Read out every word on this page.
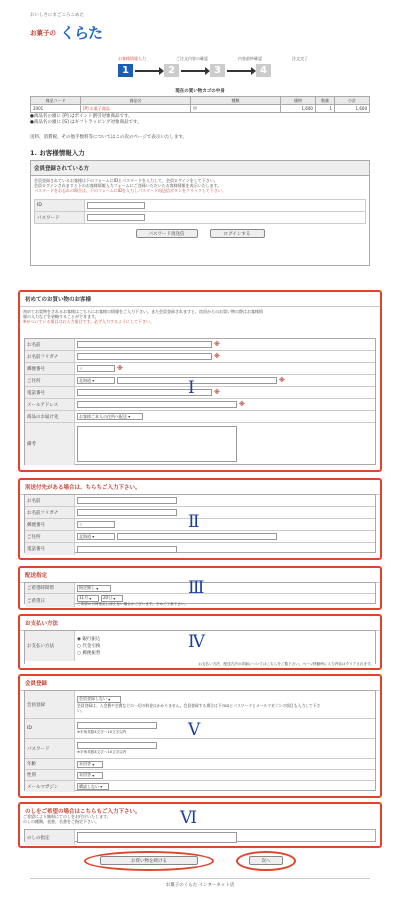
おいしさにまごころこめた
お菓子の くらた
お客様情報入力	ご注文内容の確認	内容最終確認	注文完了
1	2	3	4
現在の買い物カゴの中身
商品コード	商品名	種類	価格	数量	小計
2001	[P] お菓子商品	甲	1,600	1	1,600
●商品名の頭に [P] はポイント割引対象商品です。
●商品名の頭に [S] はギフトラッピング対象商品です。
送料、消費税、その他手数料等についてはこの次のページで表示いたします。
1. お客様情報入力
会員登録されている方

会員登録されているお客様は下のフォームにIDとパスワードを入力して、会員ログインをして下さい。

会員ログインされますと下のお客様情報入力フォームにご登録いただいたお客様情報を表示いたします。

パスワードをお忘れの場合は、下のフォームにIDを入力しパスワード再送信ボタンをクリックして下さい。

ID
パスワード
パスワード再送信	ログインする
初めてのお買い物のお客様
初めてお買物をされるお客様はこちらにお客様の情報をご入力下さい。また会員登録されますと、次回からのお買い物の際はお客様情
報の入力などを省略することができます。
※がついている項目はお入力項目です。必ず入力するようにして下さい。
お名前	※
お名前フリガナ	※
郵便番号	〒	※
ご住所	北海道 ▾	※
電話番号	※
メールアドレス	※
商品のお届け先	お客様ご本人の住所へ配送 ▾
備考
Ⅰ
別送付先がある場合は、ちらちご入力下さい。
お名前
お名前フリガナ
郵便番号	〒
ご住所	北海道 ▾
電話番号
Ⅱ
配送指定
ご希望時間帯	指定無し ▾
ご希望日
11月 ▾	20日 ▾
ご希望の日時指定に添えない場合がございます。予めご了承下さい。
Ⅲ
お支払い方法
お支払い方法
◉ 銀行振込
○ 代金引換
○ 郵便振替
お支払い方法、配送方法の詳細についてはこちらをご覧下さい。ページ移動時に入力内容はクリアされます。
Ⅳ
会員登録
会員登録
会員登録しない ▾
会員登録は、入会費や会費などの一切の料金はかかりません。会員登録する場合は下のIDとパスワードとメールマガジンの項目も入力して下さい。
ID
※半角英数4文字～10文字以内
パスワード
※半角英数4文字～10文字以内
年齢	未回答 ▾
性別	未回答 ▾
メールマガジン	購読しない ▾
Ⅴ
のしをご希望の場合はこちらもご入力下さい。
ご希望により無料にてのしをお付けいたします。
のしの種類、表書、名書をご指定下さい。
のしの指定
Ⅵ
お買い物を続ける	次へ
お菓子のくらた インターネット店
